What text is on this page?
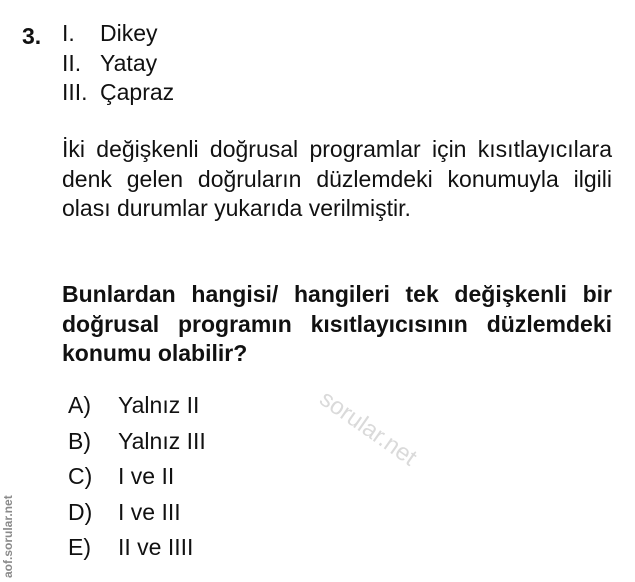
3. I. Dikey
II. Yatay
III. Çapraz

İki değişkenli doğrusal programlar için kısıtlayıcılara denk gelen doğruların düzlemdeki konumuyla ilgili olası durumlar yukarıda verilmiştir.

Bunlardan hangisi/ hangileri tek değişkenli bir doğrusal programın kısıtlayıcısının düzlemdeki konumu olabilir?

A) Yalnız II
B) Yalnız III
C) I ve II
D) I ve III
E) II ve IIII
sorular.net
aof.sorular.net
